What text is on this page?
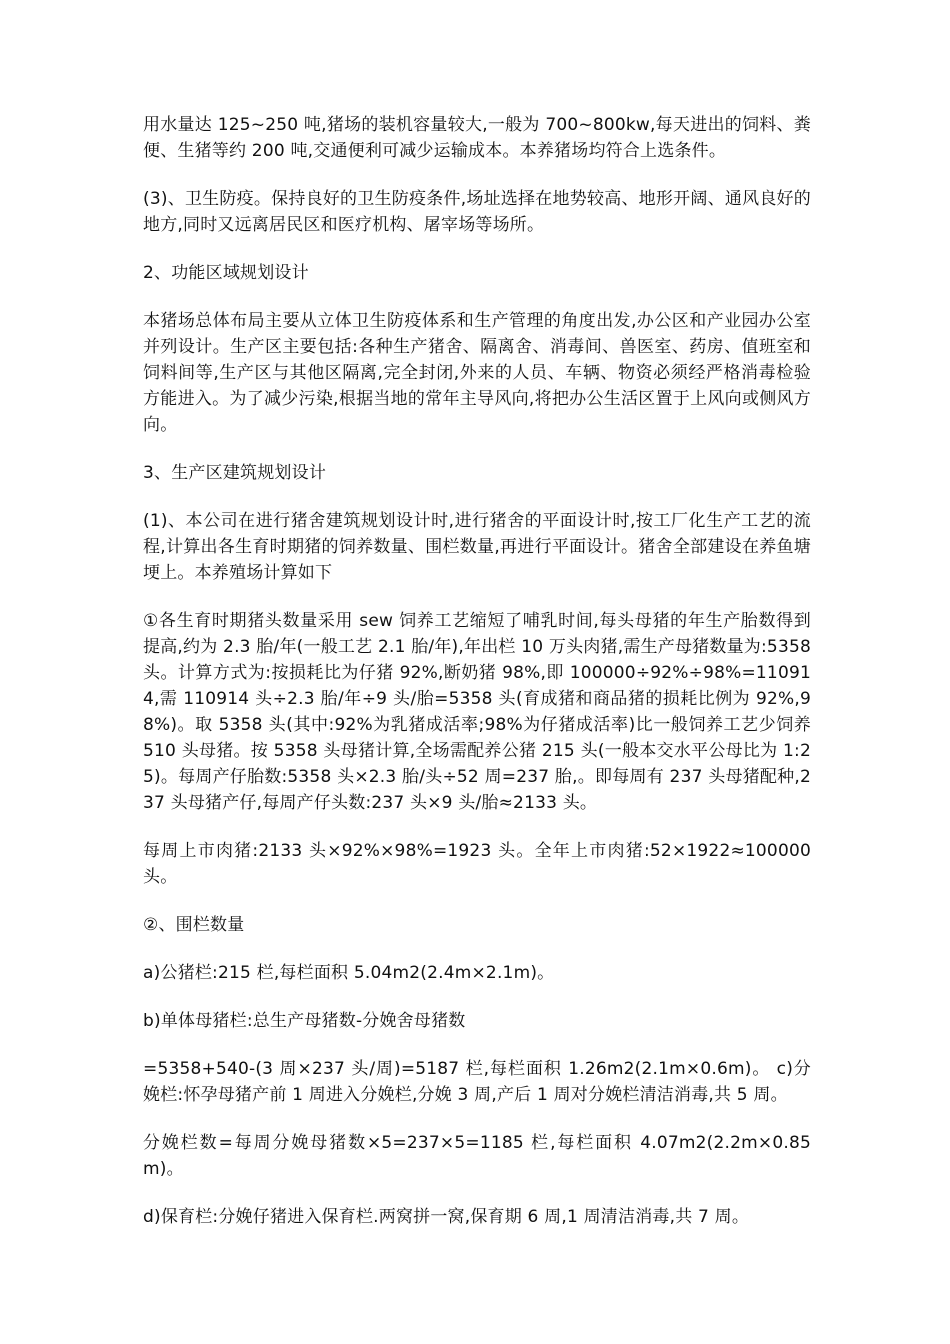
用水量达 125~250 吨,猪场的装机容量较大,一般为 700~800kw,每天进出的饲料、粪便、生猪等约 200 吨,交通便利可减少运输成本。本养猪场均符合上选条件。

(3)、卫生防疫。保持良好的卫生防疫条件,场址选择在地势较高、地形开阔、通风良好的地方,同时又远离居民区和医疗机构、屠宰场等场所。

2、功能区域规划设计

本猪场总体布局主要从立体卫生防疫体系和生产管理的角度出发,办公区和产业园办公室并列设计。生产区主要包括:各种生产猪舍、隔离舍、消毒间、兽医室、药房、值班室和饲料间等,生产区与其他区隔离,完全封闭,外来的人员、车辆、物资必须经严格消毒检验方能进入。为了减少污染,根据当地的常年主导风向,将把办公生活区置于上风向或侧风方向。

3、生产区建筑规划设计

(1)、本公司在进行猪舍建筑规划设计时,进行猪舍的平面设计时,按工厂化生产工艺的流程,计算出各生育时期猪的饲养数量、围栏数量,再进行平面设计。猪舍全部建设在养鱼塘埂上。本养殖场计算如下

①各生育时期猪头数量采用 sew 饲养工艺缩短了哺乳时间,每头母猪的年生产胎数得到提高,约为 2.3 胎/年(一般工艺 2.1 胎/年),年出栏 10 万头肉猪,需生产母猪数量为:5358 头。计算方式为:按损耗比为仔猪 92%,断奶猪 98%,即 100000÷92%÷98%=110914,需 110914 头÷2.3 胎/年÷9 头/胎=5358 头(育成猪和商品猪的损耗比例为 92%,98%)。取 5358 头(其中:92%为乳猪成活率;98%为仔猪成活率)比一般饲养工艺少饲养 510 头母猪。按 5358 头母猪计算,全场需配养公猪 215 头(一般本交水平公母比为 1:25)。每周产仔胎数:5358 头×2.3 胎/头÷52 周=237 胎,。即每周有 237 头母猪配种,237 头母猪产仔,每周产仔头数:237 头×9 头/胎≈2133 头。

每周上市肉猪:2133 头×92%×98%=1923 头。全年上市肉猪:52×1922≈100000 头。

②、围栏数量

a)公猪栏:215 栏,每栏面积 5.04m2(2.4m×2.1m)。

b)单体母猪栏:总生产母猪数-分娩舍母猪数

=5358+540-(3 周×237 头/周)=5187 栏,每栏面积 1.26m2(2.1m×0.6m)。 c)分娩栏:怀孕母猪产前 1 周进入分娩栏,分娩 3 周,产后 1 周对分娩栏清洁消毒,共 5 周。

分娩栏数=每周分娩母猪数×5=237×5=1185 栏,每栏面积 4.07m2(2.2m×0.85m)。

d)保育栏:分娩仔猪进入保育栏.两窝拼一窝,保育期 6 周,1 周清洁消毒,共 7 周。
